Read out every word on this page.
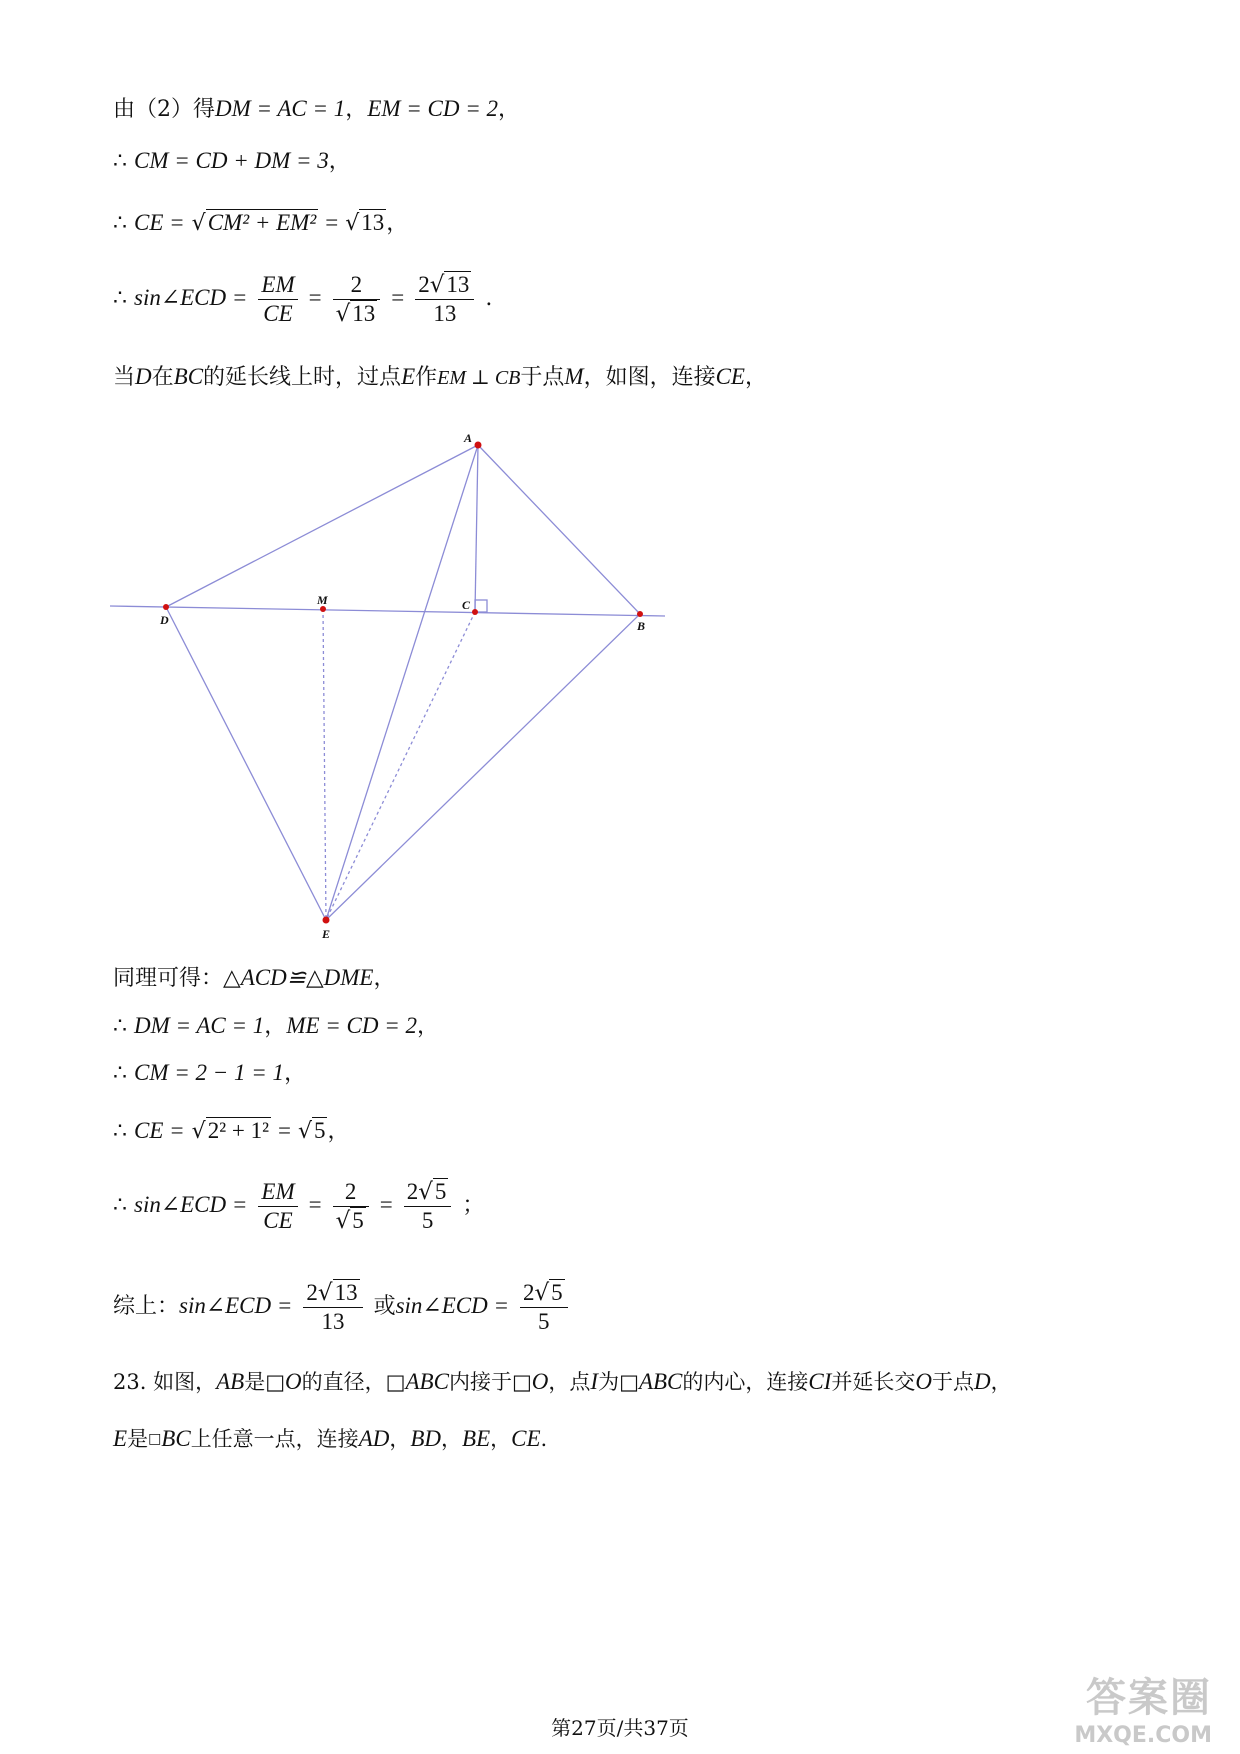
由（2）得DM = AC = 1，EM = CD = 2，
∴ CM = CD + DM = 3，
∴ CE = √CM² + EM² = √13，
∴ sin∠ECD = $\frac{EM}{CE} = \frac{2}{√13} = \frac{2√13}{13}$ .
当D在BC的延长线上时，过点E作EM ⊥ CB于点M，如图，连接CE，
A
D
M	C
B
E
同理可得：△ACD≌△DME，
∴ DM = AC = 1，ME = CD = 2，
∴ CM = 2 − 1 = 1，
∴ CE = √2² + 1² = √5，
∴ sin∠ECD = $\frac{EM}{CE} = \frac{2}{√5} = \frac{2√5}{5}$ ；
综上：sin∠ECD = $\frac{2√13}{13}$ 或sin∠ECD = $\frac{2√5}{5}$
23. 如图，AB是□O的直径，□ABC内接于□O，点I为□ABC的内心，连接CI并延长交O于点D，
E是□BC上任意一点，连接AD，BD，BE，CE.
第27页/共37页
答案圈
MXQE.COM
